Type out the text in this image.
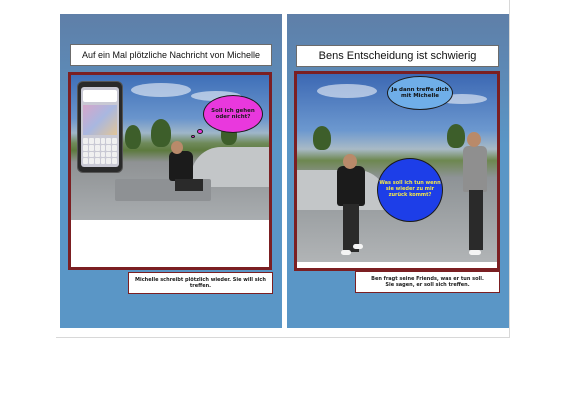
Auf ein Mal plötzliche Nachricht von Michelle
Soll ich gehen oder nicht?
Michelle schreibt plötzlich wieder. Sie will sich treffen.
Bens Entscheidung ist schwierig
Ja dann treffe dich mit Michelle
Was soll ich tun wenn sie wieder zu mir zurück kommt?
Ben fragt seine Friends, was er tun soll.
Sie sagen, er soll sich treffen.
